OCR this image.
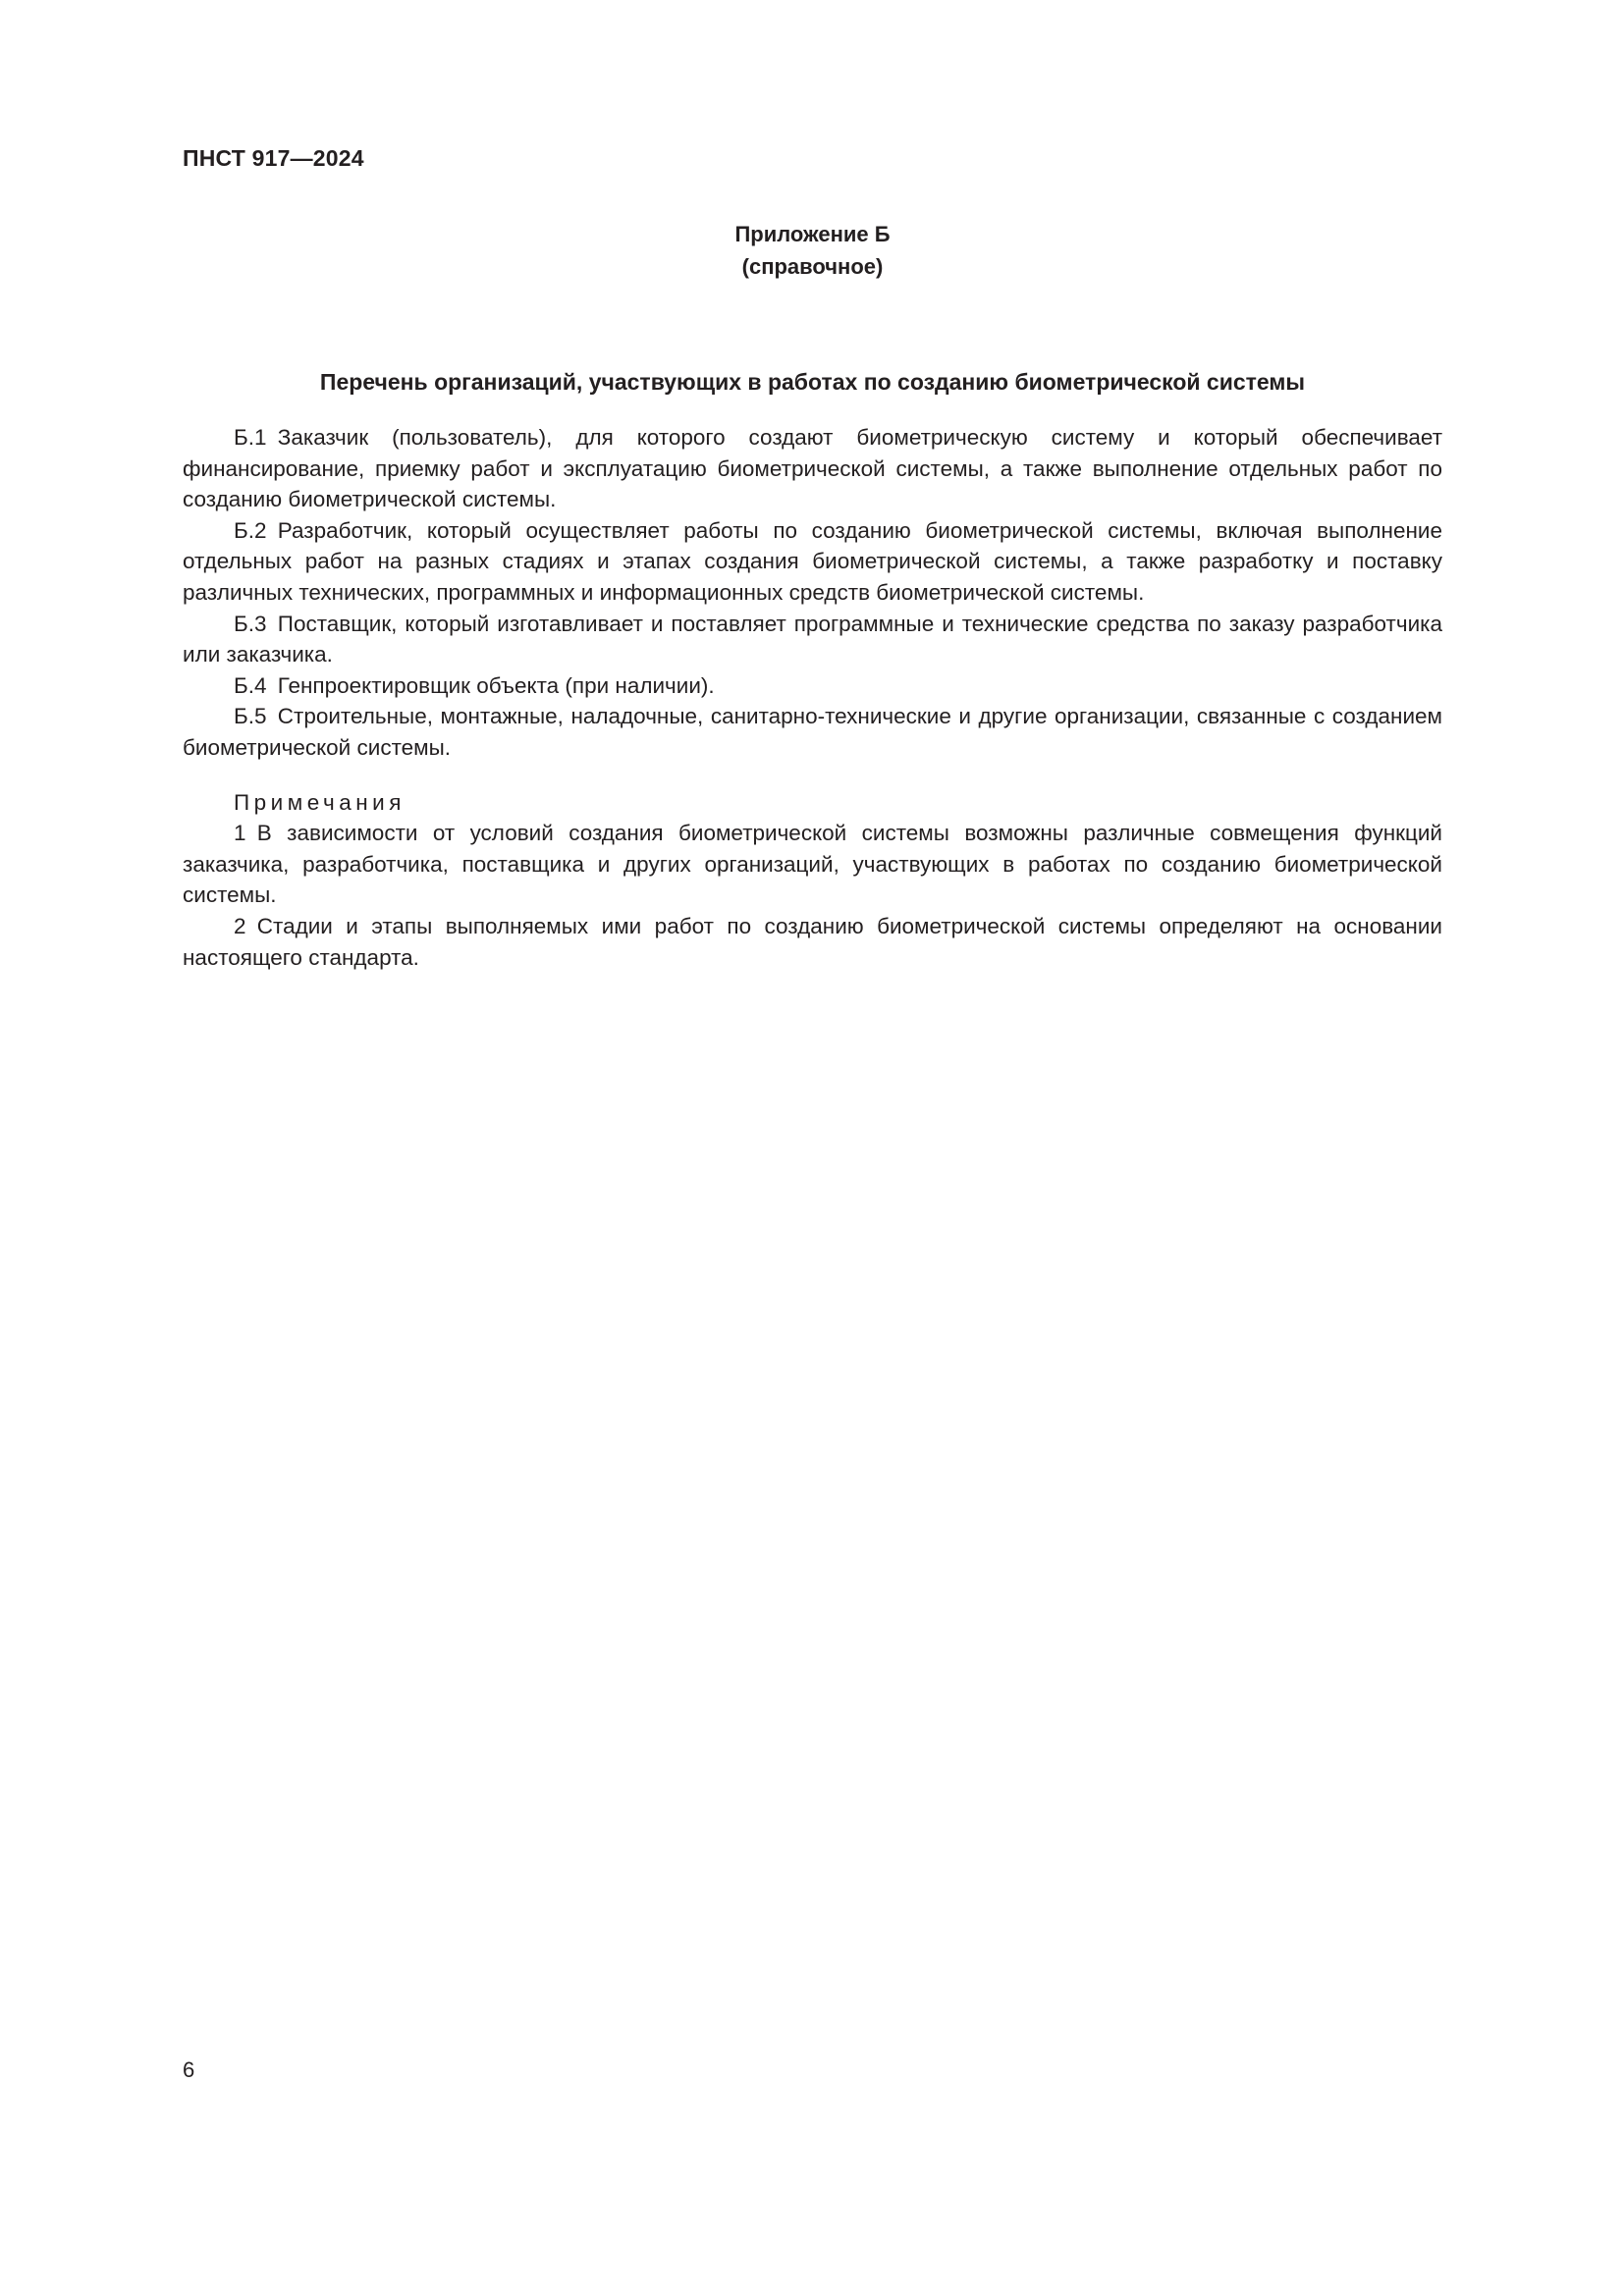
ПНСТ 917—2024
Приложение Б
(справочное)
Перечень организаций, участвующих в работах по созданию биометрической системы

Б.1 Заказчик (пользователь), для которого создают биометрическую систему и который обеспечивает финансирование, приемку работ и эксплуатацию биометрической системы, а также выполнение отдельных работ по созданию биометрической системы.

Б.2 Разработчик, который осуществляет работы по созданию биометрической системы, включая выполнение отдельных работ на разных стадиях и этапах создания биометрической системы, а также разработку и поставку различных технических, программных и информационных средств биометрической системы.

Б.3 Поставщик, который изготавливает и поставляет программные и технические средства по заказу разработчика или заказчика.

Б.4 Генпроектировщик объекта (при наличии).

Б.5 Строительные, монтажные, наладочные, санитарно-технические и другие организации, связанные с созданием биометрической системы.

Примечания

1 В зависимости от условий создания биометрической системы возможны различные совмещения функций заказчика, разработчика, поставщика и других организаций, участвующих в работах по созданию биометрической системы.

2 Стадии и этапы выполняемых ими работ по созданию биометрической системы определяют на основании настоящего стандарта.

6
